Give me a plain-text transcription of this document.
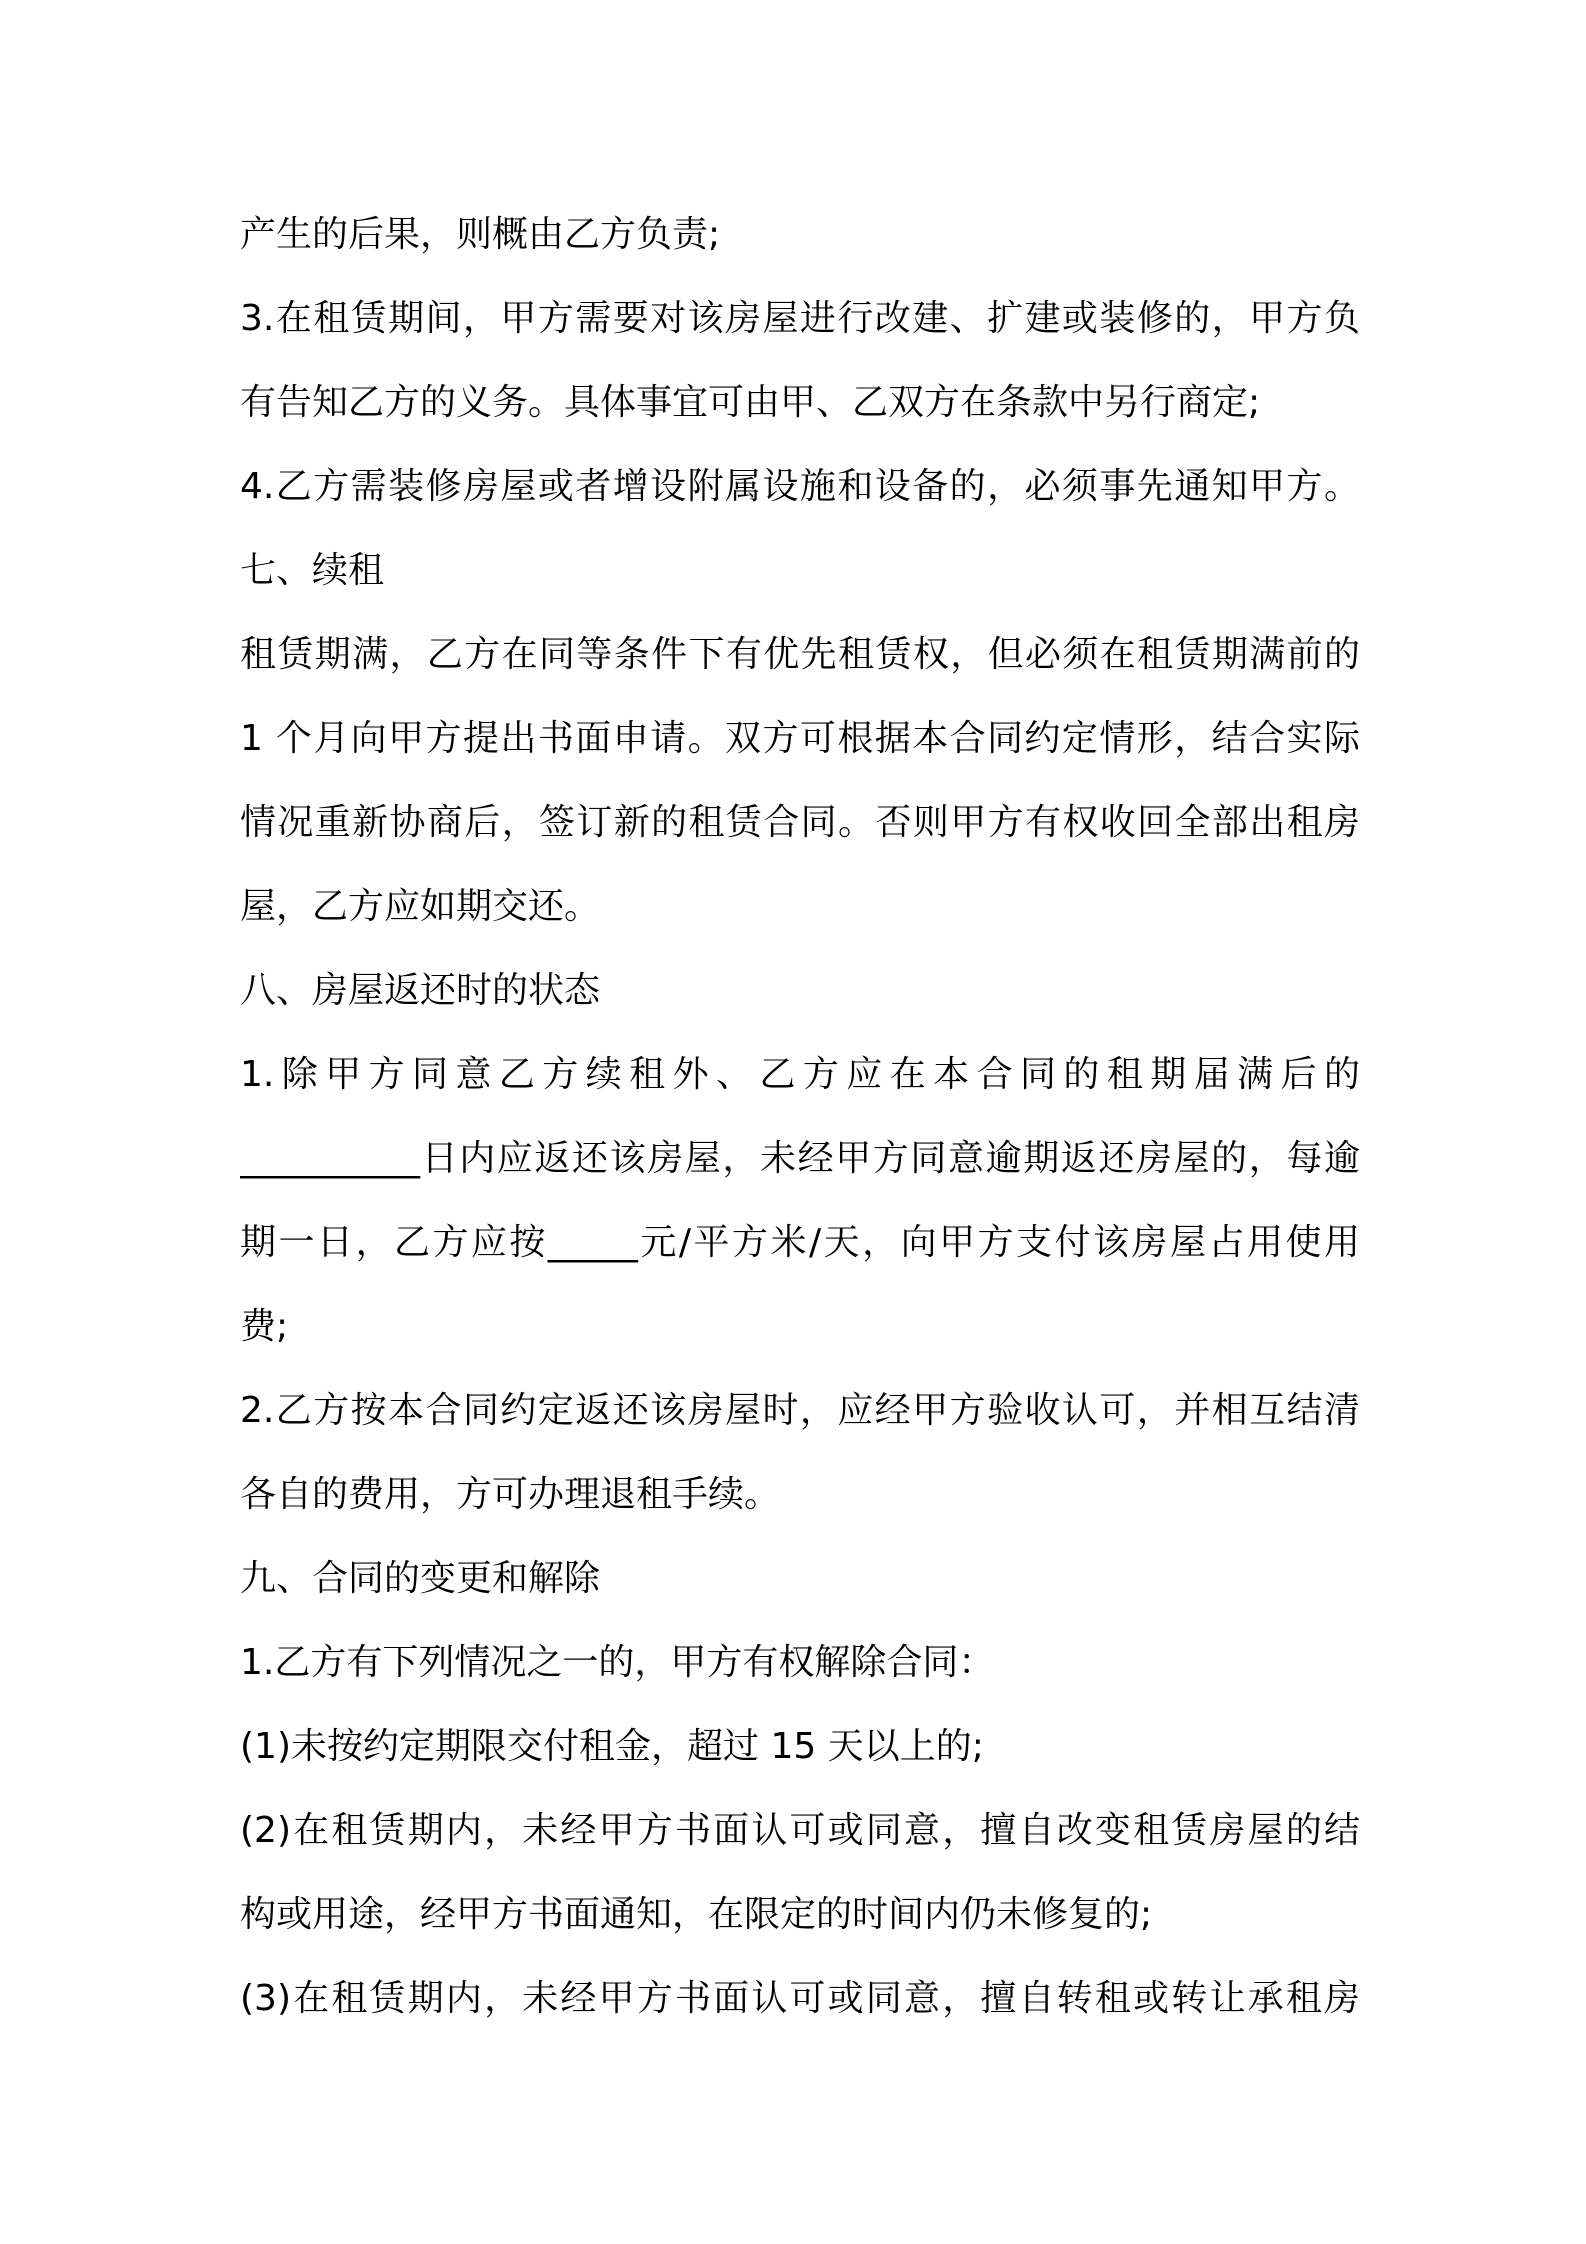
产生的后果，则概由乙方负责;
3.在租赁期间，甲方需要对该房屋进行改建、扩建或装修的，甲方负
有告知乙方的义务。具体事宜可由甲、乙双方在条款中另行商定;
4.乙方需装修房屋或者增设附属设施和设备的，必须事先通知甲方。
七、续租
租赁期满，乙方在同等条件下有优先租赁权，但必须在租赁期满前的
1 个月向甲方提出书面申请。双方可根据本合同约定情形，结合实际
情况重新协商后，签订新的租赁合同。否则甲方有权收回全部出租房
屋，乙方应如期交还。
八、房屋返还时的状态
1.除甲方同意乙方续租外、乙方应在本合同的租期届满后的
__________日内应返还该房屋，未经甲方同意逾期返还房屋的，每逾
期一日，乙方应按_____元/平方米/天，向甲方支付该房屋占用使用
费;
2.乙方按本合同约定返还该房屋时，应经甲方验收认可，并相互结清
各自的费用，方可办理退租手续。
九、合同的变更和解除
1.乙方有下列情况之一的，甲方有权解除合同：
(1)未按约定期限交付租金，超过 15 天以上的;
(2)在租赁期内，未经甲方书面认可或同意，擅自改变租赁房屋的结
构或用途，经甲方书面通知，在限定的时间内仍未修复的;
(3)在租赁期内，未经甲方书面认可或同意，擅自转租或转让承租房
